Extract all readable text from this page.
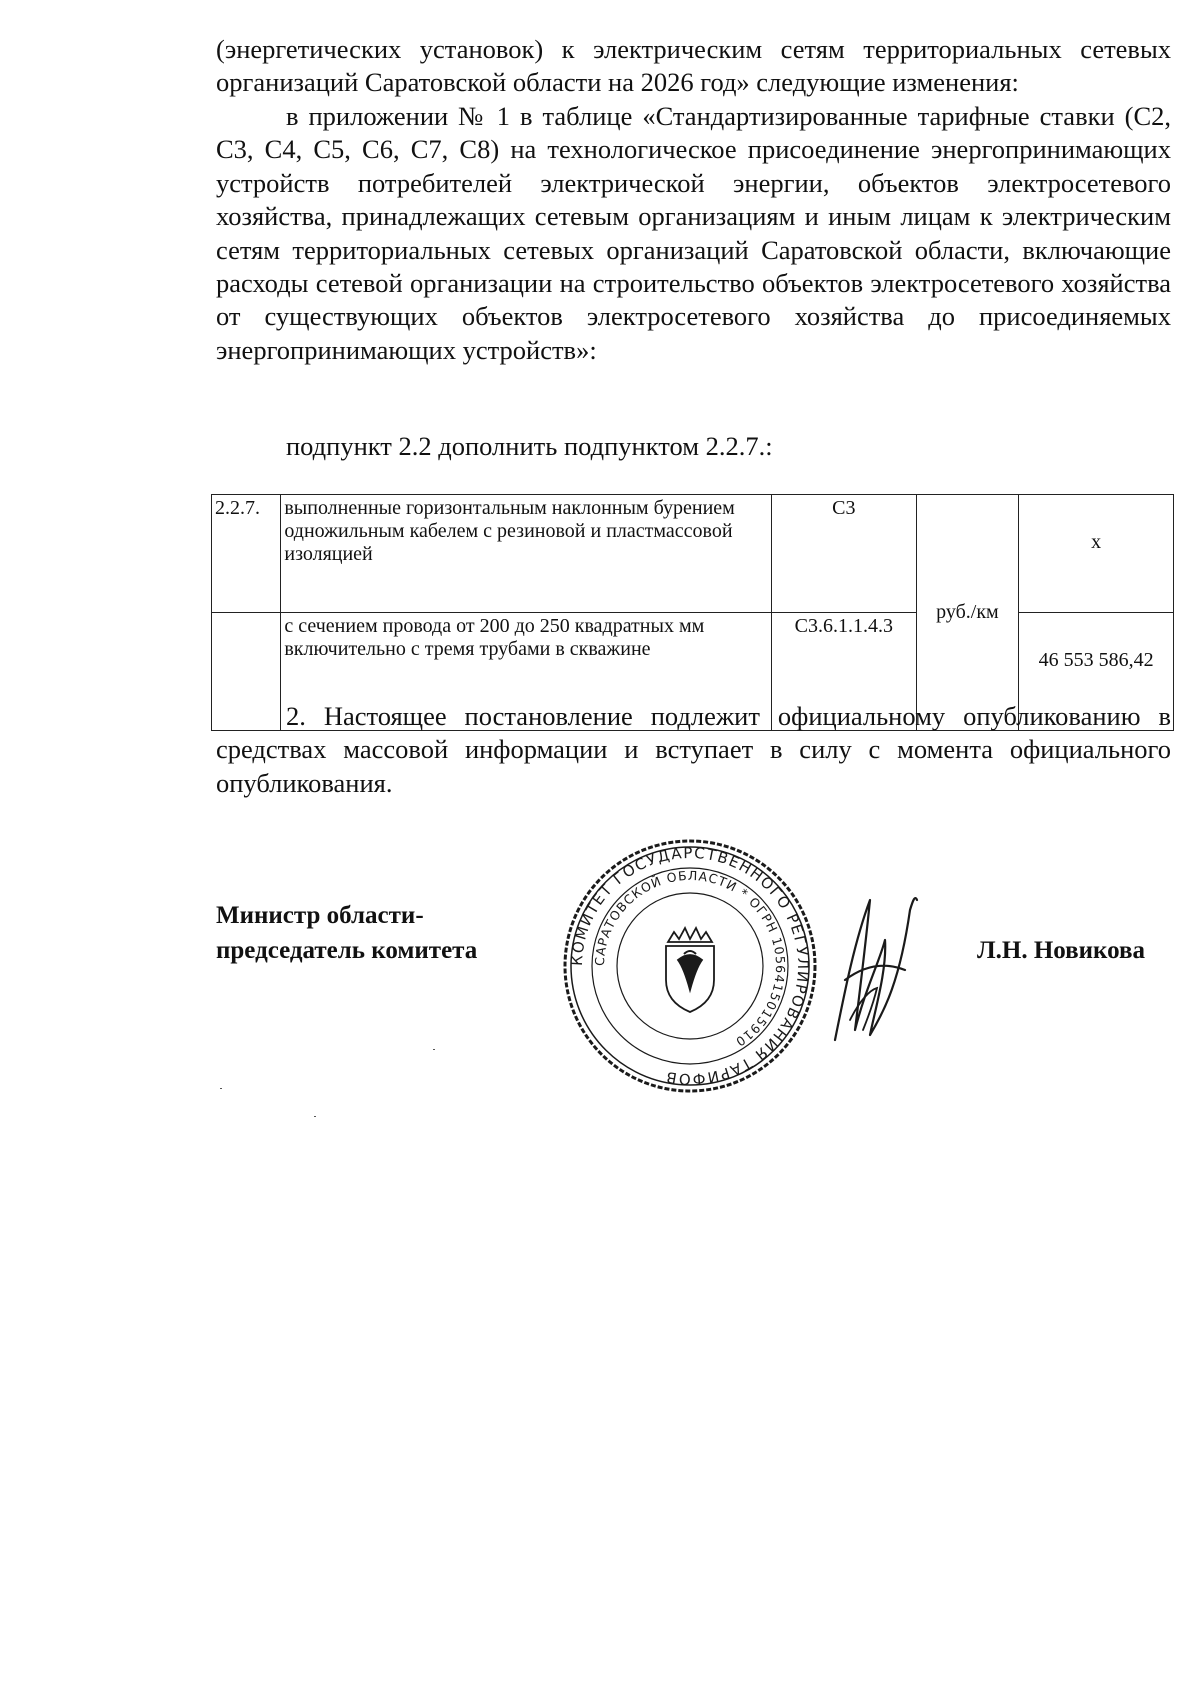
(энергетических установок) к электрическим сетям территориальных сетевых организаций Саратовской области на 2026 год» следующие изменения:

в приложении № 1 в таблице «Стандартизированные тарифные ставки (С2, С3, С4, С5, С6, С7, С8) на технологическое присоединение энергопринимающих устройств потребителей электрической энергии, объектов электросетевого хозяйства, принадлежащих сетевым организациям и иным лицам к электрическим сетям территориальных сетевых организаций Саратовской области, включающие расходы сетевой организации на строительство объектов электросетевого хозяйства от существующих объектов электросетевого хозяйства до присоединяемых энергопринимающих устройств»:

подпункт 2.2 дополнить подпунктом 2.2.7.:

2.2.7.	выполненные горизонтальным наклонным бурением одножильным кабелем с резиновой и пластмассовой изоляцией	С3	руб./км	х
	с сечением провода от 200 до 250 квадратных мм включительно с тремя трубами в скважине	С3.6.1.1.4.3		46 553 586,42

2. Настоящее постановление подлежит официальному опубликованию в средствах массовой информации и вступает в силу с момента официального опубликования.

Министр области-
председатель комитета	КОМИТЕТ ГОСУДАРСТВЕННОГО РЕГУЛИРОВАНИЯ ТАРИФОВ
САРАТОВСКОЙ ОБЛАСТИ * ОГРН 1056415015910
Л.Н. Новикова
